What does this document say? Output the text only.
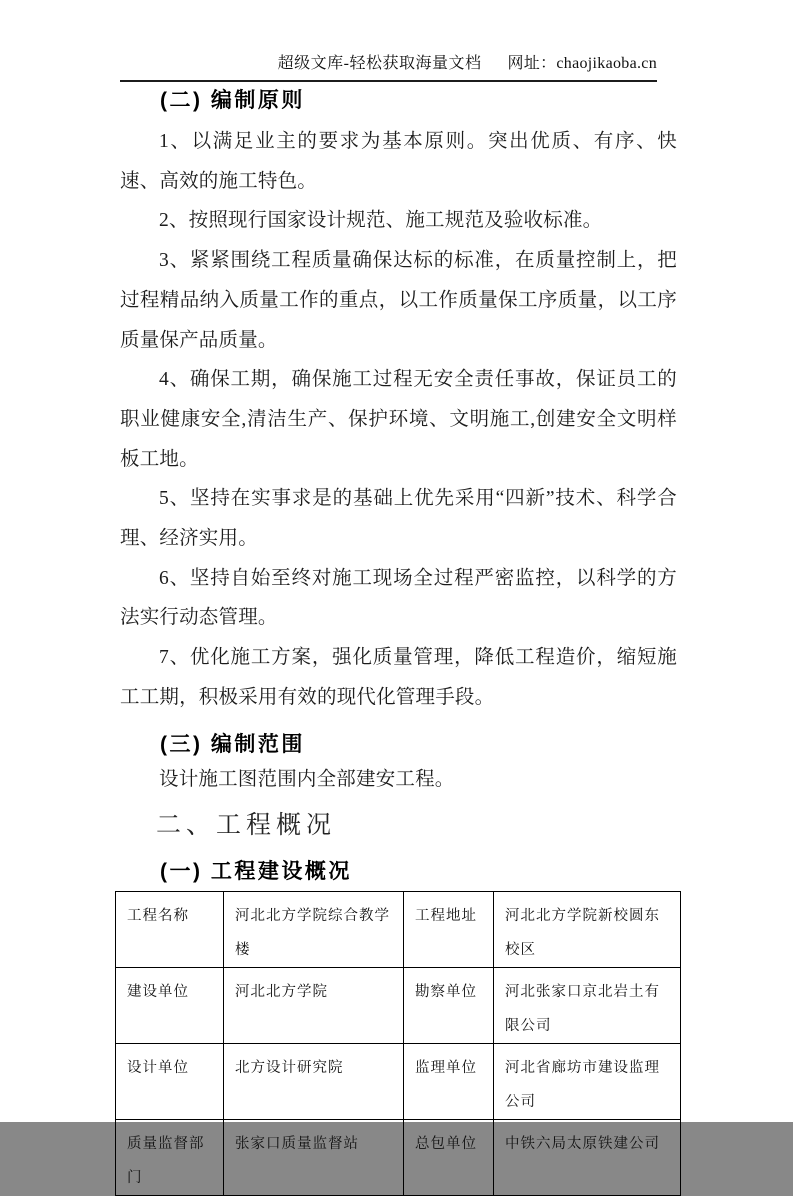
超级文库-轻松获取海量文档 网址：chaojikaoba.cn
(二) 编制原则

1、以满足业主的要求为基本原则。突出优质、有序、快速、高效的施工特色。

2、按照现行国家设计规范、施工规范及验收标准。

3、紧紧围绕工程质量确保达标的标准，在质量控制上，把过程精品纳入质量工作的重点，以工作质量保工序质量，以工序质量保产品质量。

4、确保工期，确保施工过程无安全责任事故，保证员工的职业健康安全,清洁生产、保护环境、文明施工,创建安全文明样板工地。

5、坚持在实事求是的基础上优先采用“四新”技术、科学合理、经济实用。

6、坚持自始至终对施工现场全过程严密监控，以科学的方法实行动态管理。

7、优化施工方案，强化质量管理，降低工程造价，缩短施工工期，积极采用有效的现代化管理手段。

(三) 编制范围

设计施工图范围内全部建安工程。

二、工程概况
(一) 工程建设概况
工程名称	河北北方学院综合教学楼	工程地址	河北北方学院新校圆东校区
建设单位	河北北方学院	勘察单位	河北张家口京北岩土有限公司
设计单位	北方设计研究院	监理单位	河北省廊坊市建设监理公司
质量监督部门	张家口质量监督站	总包单位	中铁六局太原铁建公司
